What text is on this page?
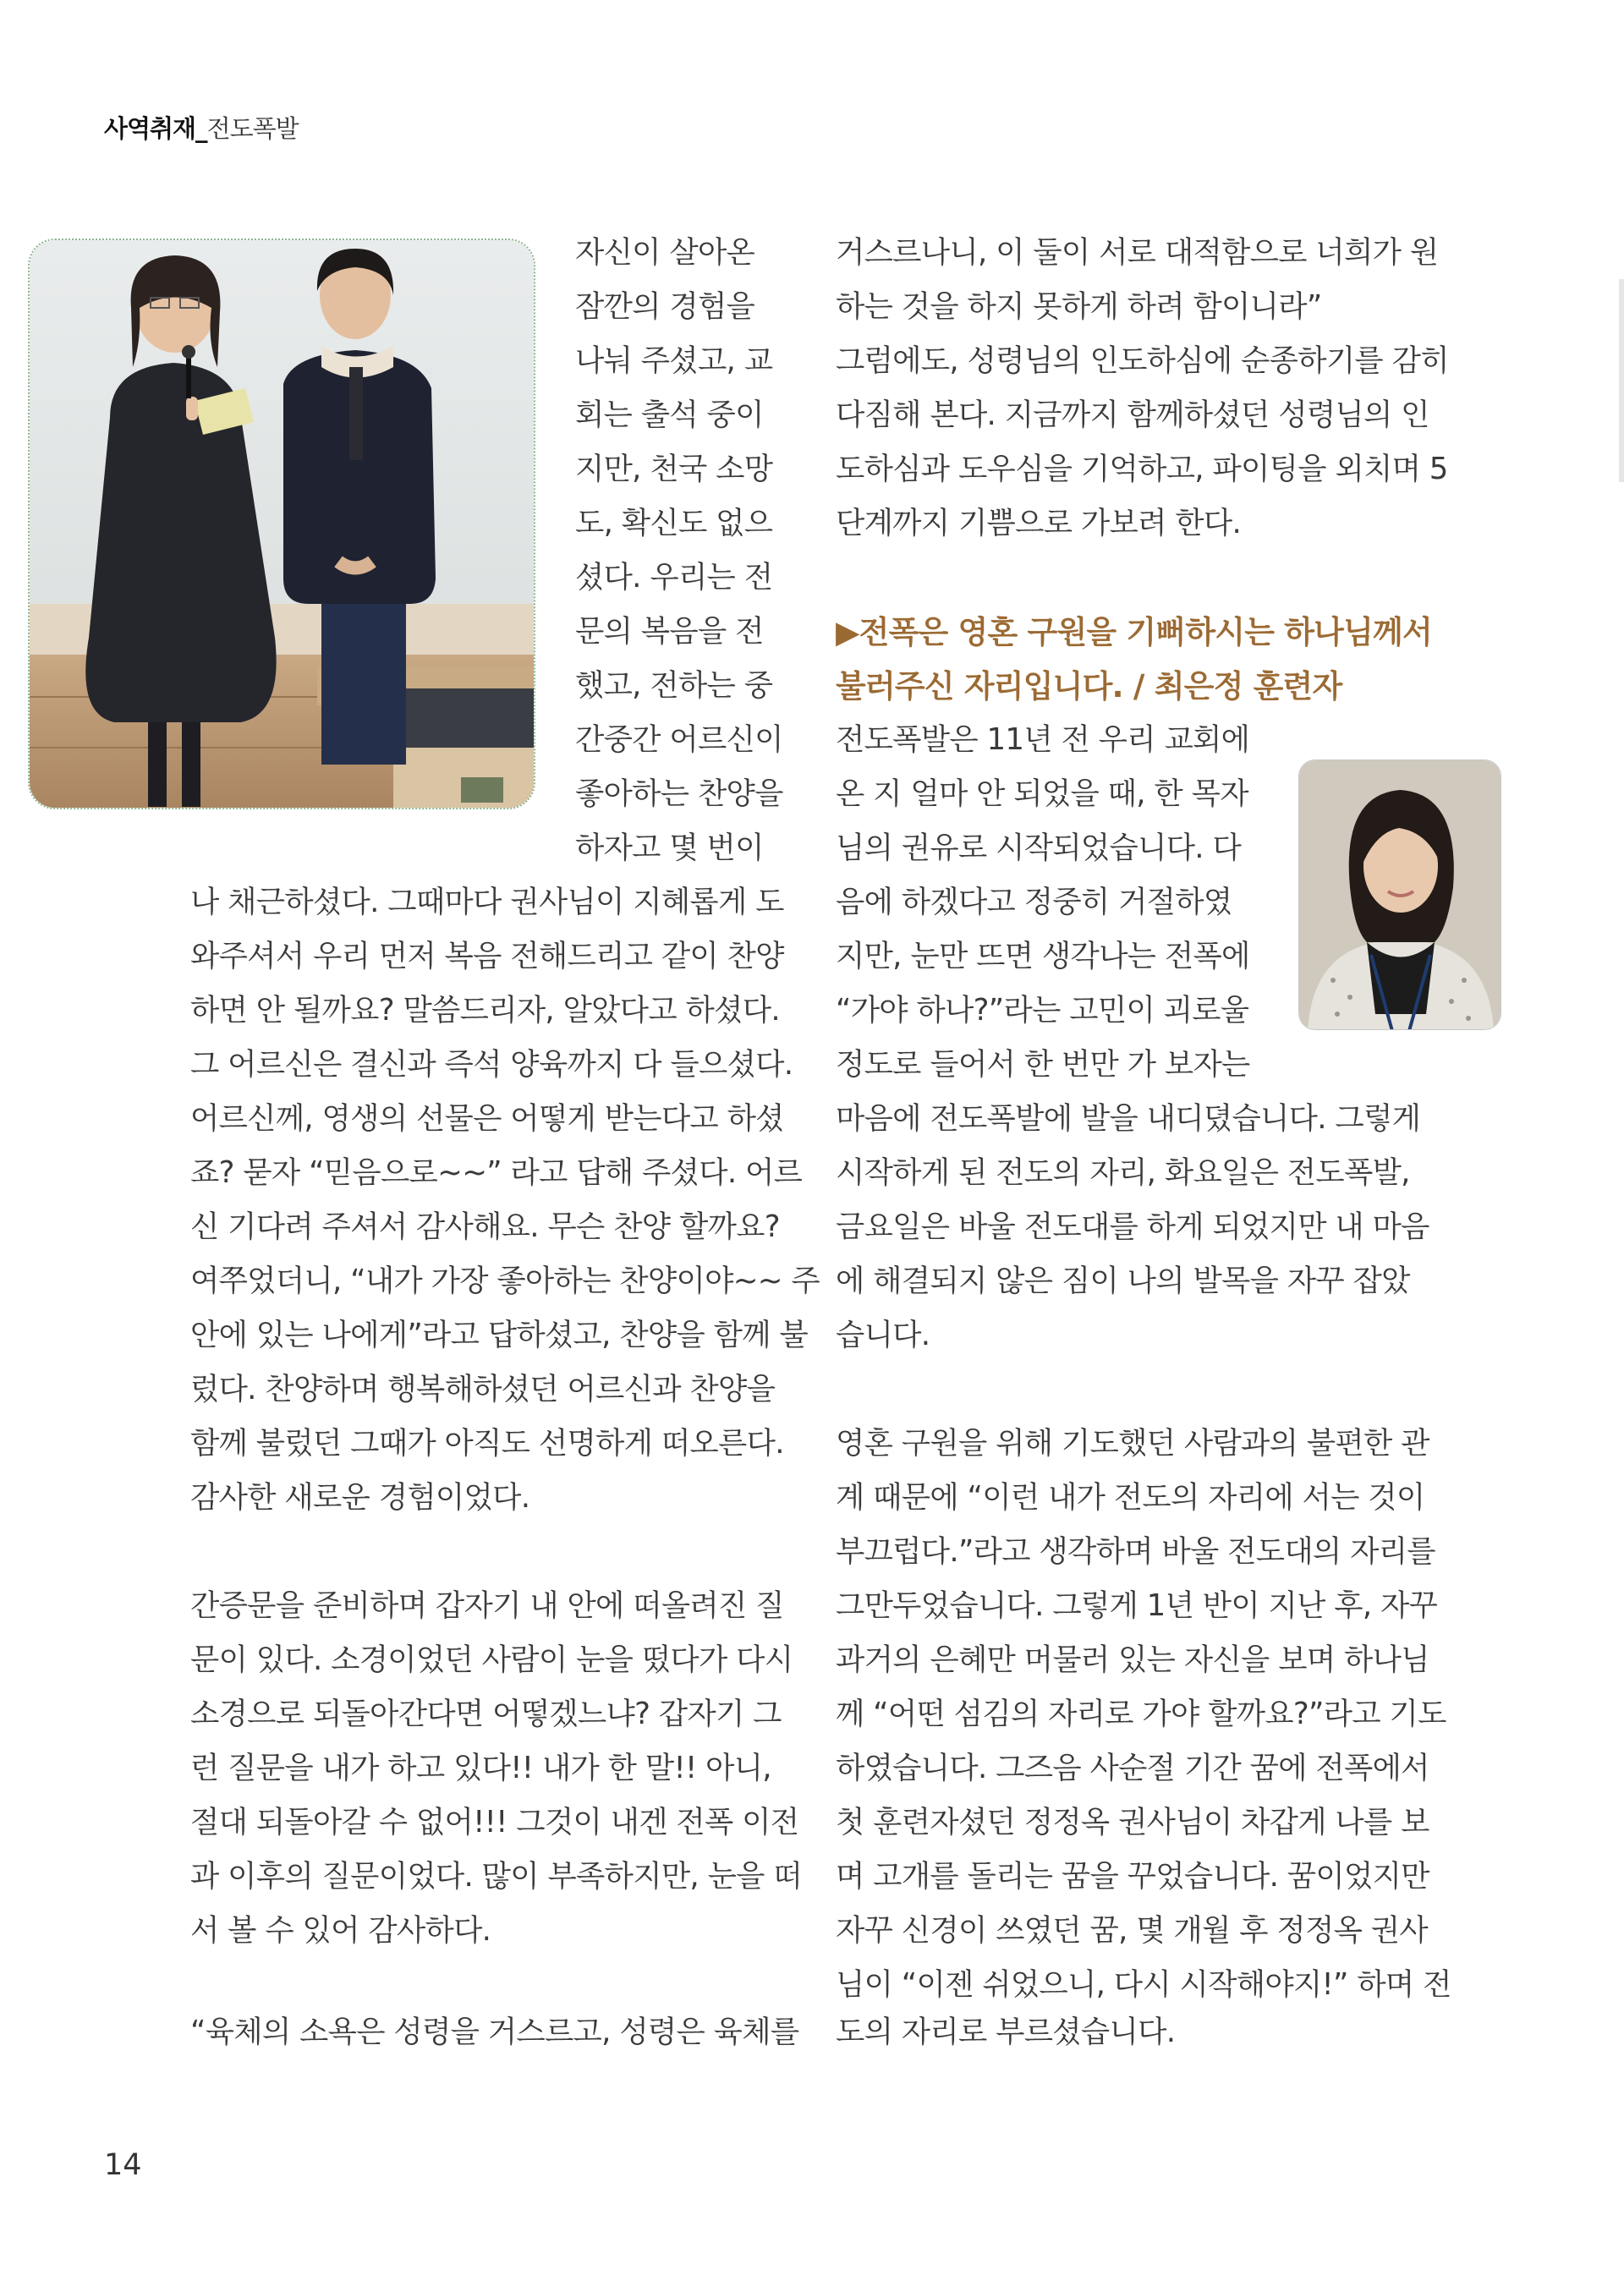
사역취재_전도폭발
자신이 살아온
잠깐의 경험을
나눠 주셨고, 교
회는 출석 중이
지만, 천국 소망
도, 확신도 없으
셨다. 우리는 전
문의 복음을 전
했고, 전하는 중
간중간 어르신이
좋아하는 찬양을
하자고 몇 번이
나 채근하셨다. 그때마다 권사님이 지혜롭게 도
와주셔서 우리 먼저 복음 전해드리고 같이 찬양
하면 안 될까요? 말씀드리자, 알았다고 하셨다.
그 어르신은 결신과 즉석 양육까지 다 들으셨다.
어르신께, 영생의 선물은 어떻게 받는다고 하셨
죠? 묻자 “믿음으로~~” 라고 답해 주셨다. 어르
신 기다려 주셔서 감사해요. 무슨 찬양 할까요?
여쭈었더니, “내가 가장 좋아하는 찬양이야~~ 주
안에 있는 나에게”라고 답하셨고, 찬양을 함께 불
렀다. 찬양하며 행복해하셨던 어르신과 찬양을
함께 불렀던 그때가 아직도 선명하게 떠오른다.
감사한 새로운 경험이었다.
간증문을 준비하며 갑자기 내 안에 떠올려진 질
문이 있다. 소경이었던 사람이 눈을 떴다가 다시
소경으로 되돌아간다면 어떻겠느냐? 갑자기 그
런 질문을 내가 하고 있다!! 내가 한 말!! 아니,
절대 되돌아갈 수 없어!!! 그것이 내겐 전폭 이전
과 이후의 질문이었다. 많이 부족하지만, 눈을 떠
서 볼 수 있어 감사하다.
“육체의 소욕은 성령을 거스르고, 성령은 육체를
거스르나니, 이 둘이 서로 대적함으로 너희가 원
하는 것을 하지 못하게 하려 함이니라”
그럼에도, 성령님의 인도하심에 순종하기를 감히
다짐해 본다. 지금까지 함께하셨던 성령님의 인
도하심과 도우심을 기억하고, 파이팅을 외치며 5
단계까지 기쁨으로 가보려 한다.
▶전폭은 영혼 구원을 기뻐하시는 하나님께서
불러주신 자리입니다. / 최은정 훈련자
전도폭발은 11년 전 우리 교회에
온 지 얼마 안 되었을 때, 한 목자
님의 권유로 시작되었습니다. 다
음에 하겠다고 정중히 거절하였
지만, 눈만 뜨면 생각나는 전폭에
“가야 하나?”라는 고민이 괴로울
정도로 들어서 한 번만 가 보자는
마음에 전도폭발에 발을 내디뎠습니다. 그렇게
시작하게 된 전도의 자리, 화요일은 전도폭발,
금요일은 바울 전도대를 하게 되었지만 내 마음
에 해결되지 않은 짐이 나의 발목을 자꾸 잡았
습니다.
영혼 구원을 위해 기도했던 사람과의 불편한 관
계 때문에 “이런 내가 전도의 자리에 서는 것이
부끄럽다.”라고 생각하며 바울 전도대의 자리를
그만두었습니다. 그렇게 1년 반이 지난 후, 자꾸
과거의 은혜만 머물러 있는 자신을 보며 하나님
께 “어떤 섬김의 자리로 가야 할까요?”라고 기도
하였습니다. 그즈음 사순절 기간 꿈에 전폭에서
첫 훈련자셨던 정정옥 권사님이 차갑게 나를 보
며 고개를 돌리는 꿈을 꾸었습니다. 꿈이었지만
자꾸 신경이 쓰였던 꿈, 몇 개월 후 정정옥 권사
님이 “이젠 쉬었으니, 다시 시작해야지!” 하며 전
도의 자리로 부르셨습니다.
14
